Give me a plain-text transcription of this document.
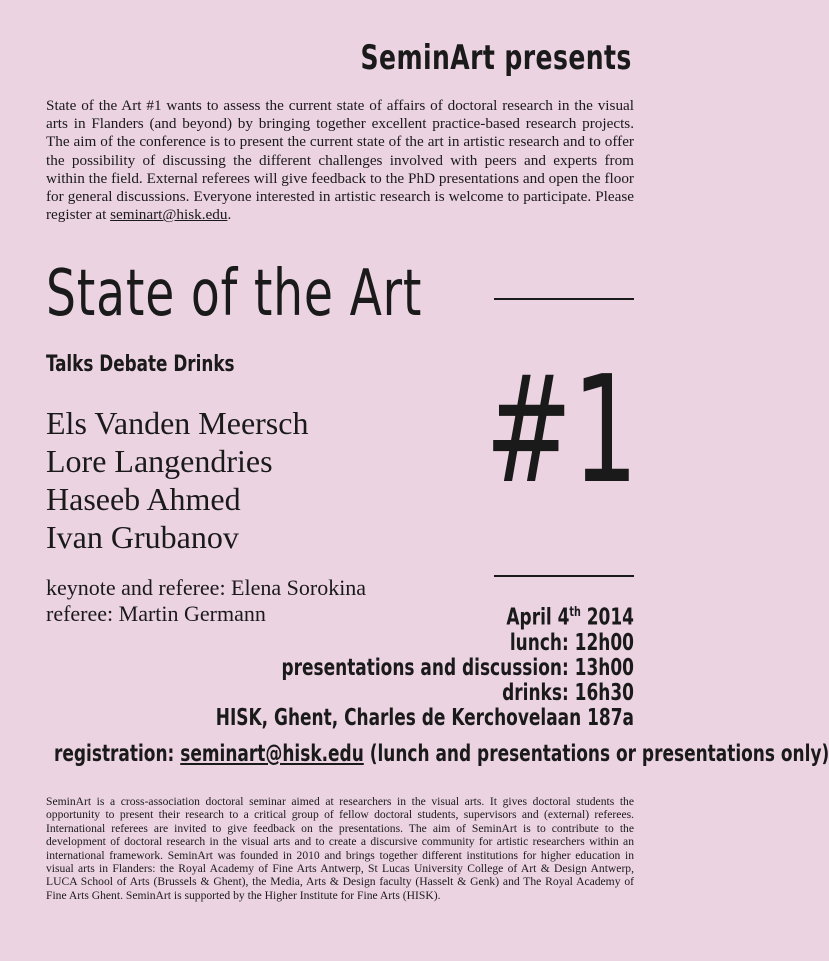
SeminArt presents

State of the Art #1 wants to assess the current state of affairs of doctoral research in the visual arts in Flanders (and beyond) by bringing together excellent practice-based research projects. The aim of the conference is to present the current state of the art in artistic research and to offer the possibility of discussing the different challenges involved with peers and experts from within the field. External referees will give feedback to the PhD presentations and open the floor for general discussions. Everyone interested in artistic research is welcome to participate. Please register at seminart@hisk.edu.

State of the Art
Talks Debate Drinks
Els Vanden Meersch
Lore Langendries
Haseeb Ahmed
Ivan Grubanov
#1
keynote and referee: Elena Sorokina
referee: Martin Germann	April 4th 2014
lunch: 12h00
presentations and discussion: 13h00
drinks: 16h30
HISK, Ghent, Charles de Kerchovelaan 187a
registration: seminart@hisk.edu (lunch and presentations or presentations only)

SeminArt is a cross-association doctoral seminar aimed at researchers in the visual arts. It gives doctoral students the opportunity to present their research to a critical group of fellow doctoral students, supervisors and (external) referees. International referees are invited to give feedback on the presentations. The aim of SeminArt is to contribute to the development of doctoral research in the visual arts and to create a discursive community for artistic researchers within an international framework. SeminArt was founded in 2010 and brings together different institutions for higher education in visual arts in Flanders: the Royal Academy of Fine Arts Antwerp, St Lucas University College of Art & Design Antwerp, LUCA School of Arts (Brussels & Ghent), the Media, Arts & Design faculty (Hasselt & Genk) and The Royal Academy of Fine Arts Ghent. SeminArt is supported by the Higher Institute for Fine Arts (HISK).
